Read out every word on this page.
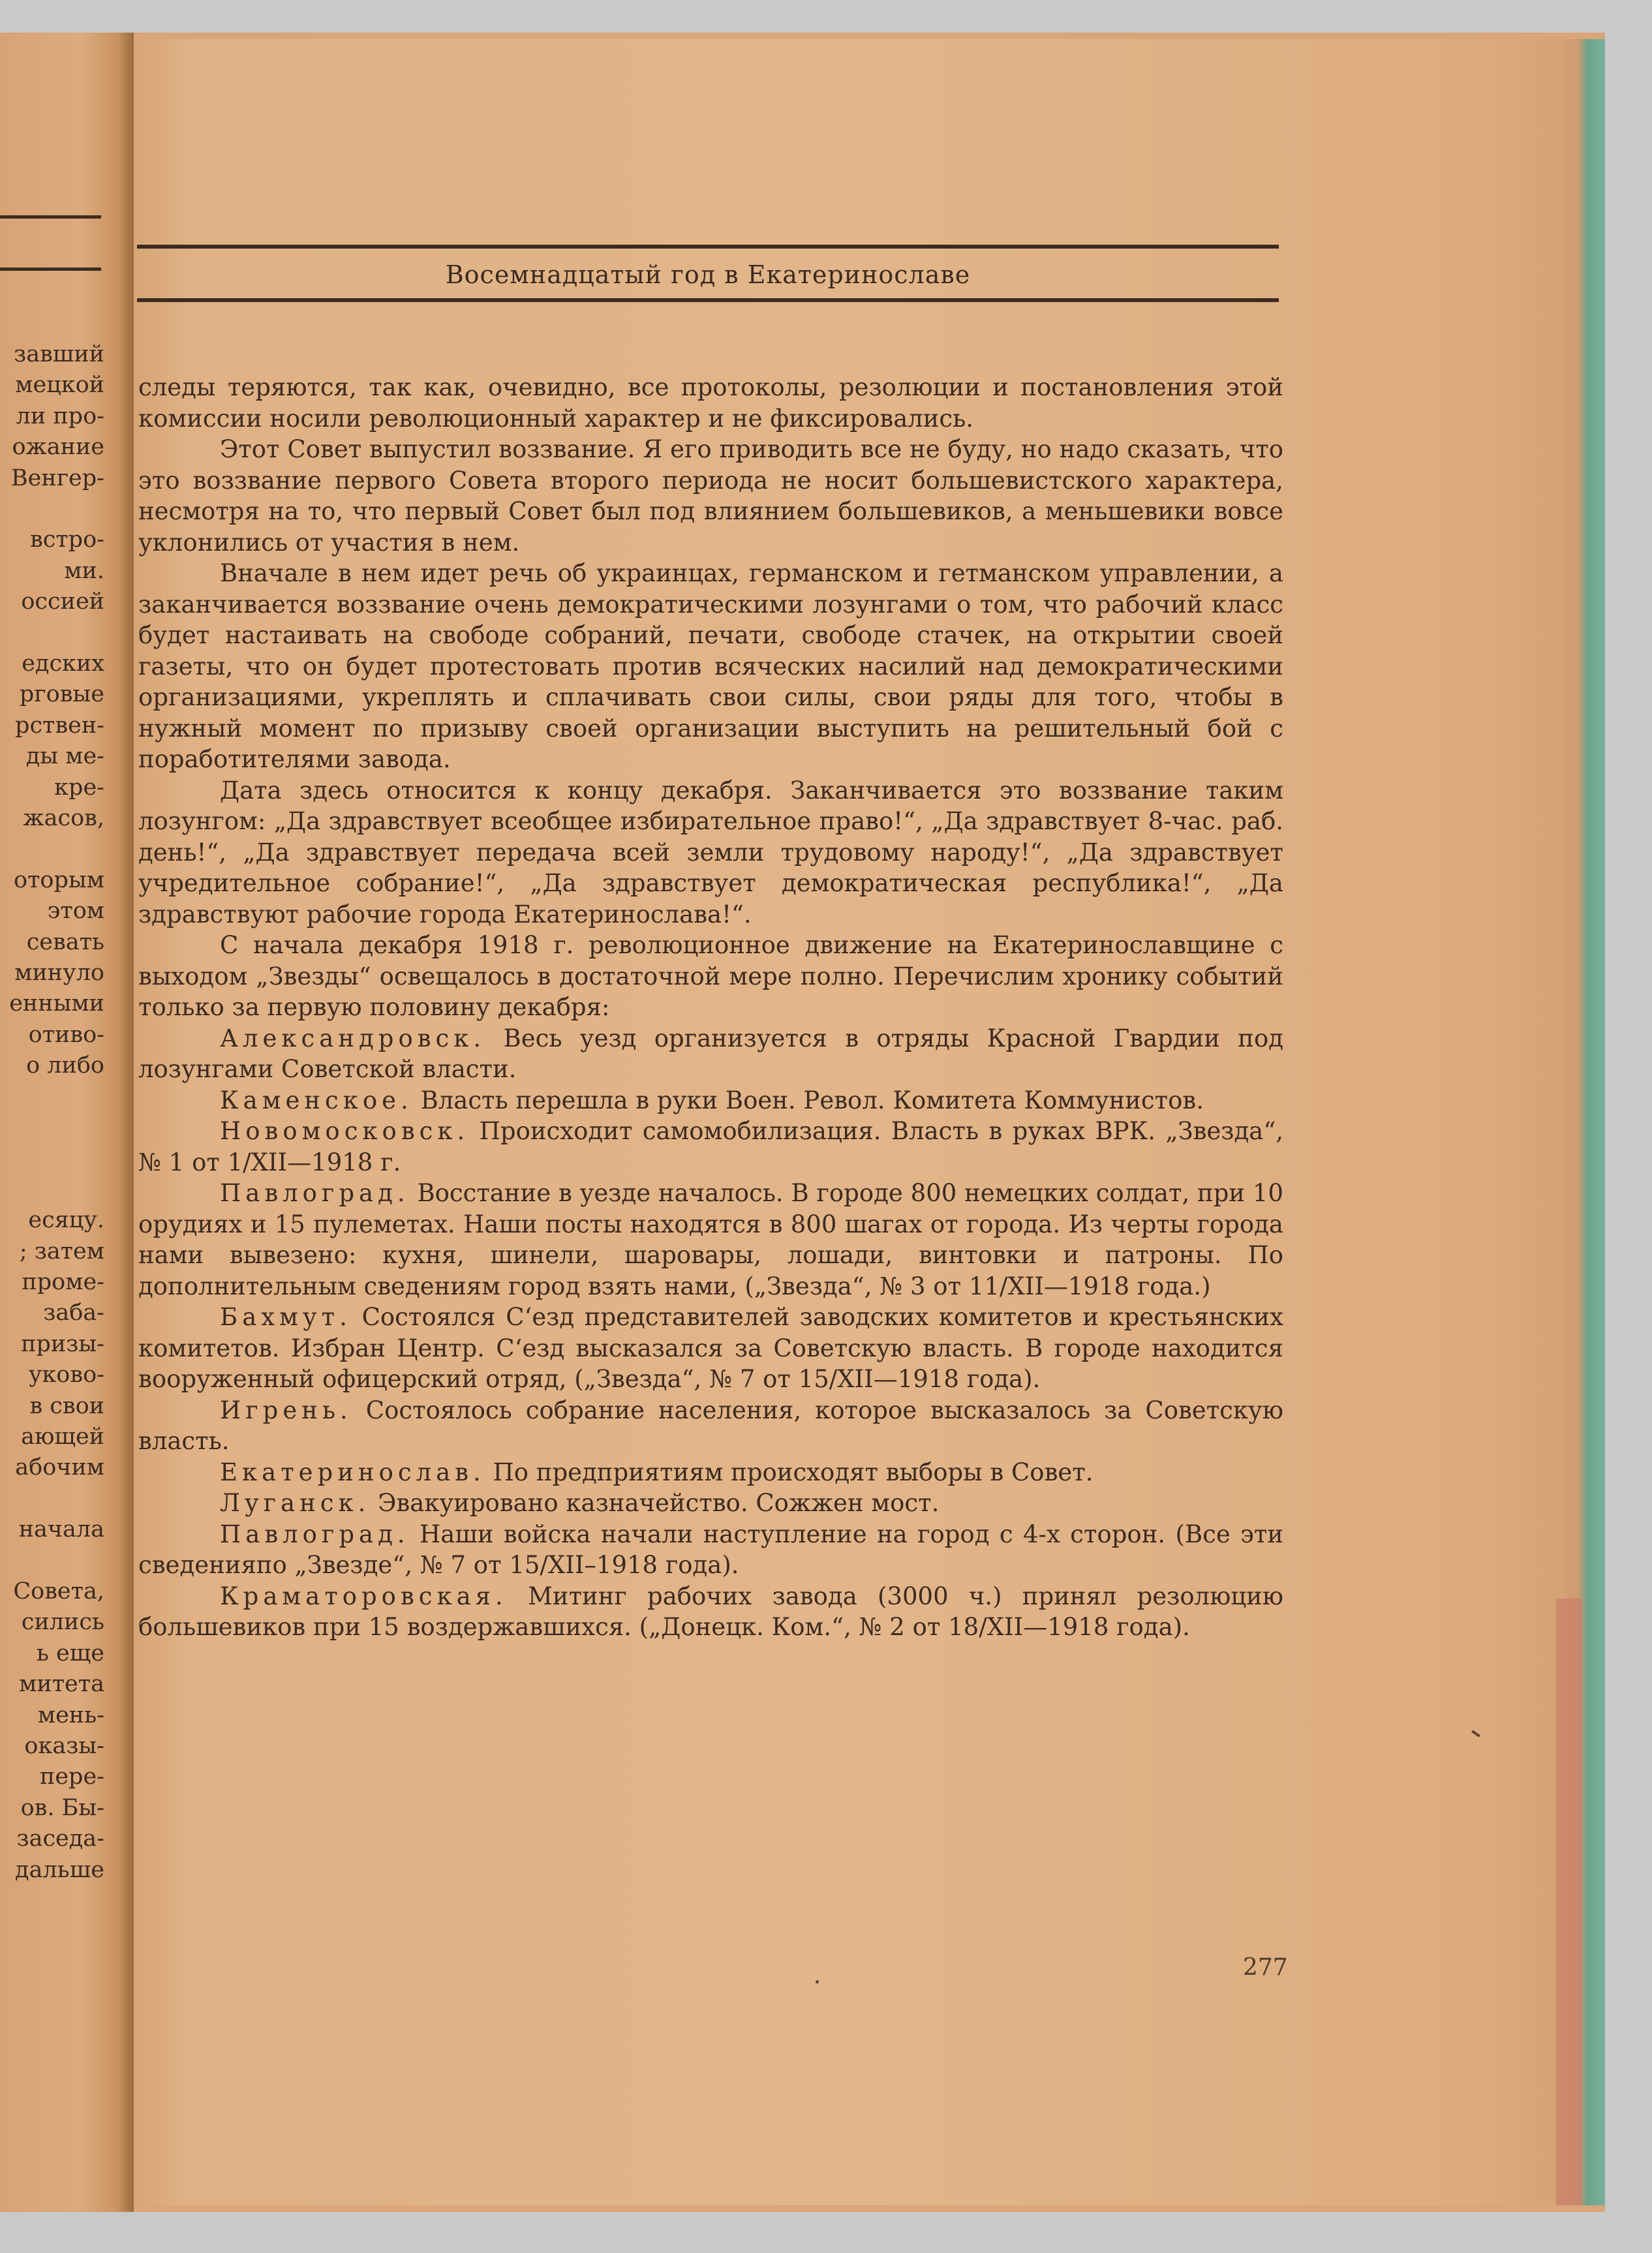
завший
мецкой
ли про-
ожание
Венгер-
встро-
ми.
оссией
едских
рговые
рствен-
ды ме-
кре-
жасов,
оторым
этом
севать
минуло
енными
отиво-
о либо
есяцу.
; затем
проме-
заба-
призы-
уково-
в свои
ающей
абочим
начала
Совета,
сились
ь еще
митета
мень-
оказы-
пере-
ов. Бы-
заседа-
дальше
Восемнадцатый год в Екатеринославе

следы теряются, так как, очевидно, все протоколы, резолюции и постановления этой комиссии носили революционный характер и не фиксировались.

Этот Совет выпустил воззвание. Я его приводить все не буду, но надо сказать, что это воззвание первого Совета второго периода не носит большевистского характера, несмотря на то, что первый Совет был под влиянием большевиков, а меньшевики вовсе уклонились от участия в нем.

Вначале в нем идет речь об украинцах, германском и гетманском управлении, а заканчивается воззвание очень демократическими лозунгами о том, что рабочий класс будет настаивать на свободе собраний, печати, свободе стачек, на открытии своей газеты, что он будет протестовать против всяческих насилий над демократическими организациями, укреплять и сплачивать свои силы, свои ряды для того, чтобы в нужный момент по призыву своей организации выступить на решительный бой с поработителями завода.

Дата здесь относится к концу декабря. Заканчивается это воззвание таким лозунгом: „Да здравствует всеобщее избирательное право!“, „Да здравствует 8-час. раб. день!“, „Да здравствует передача всей земли трудовому народу!“, „Да здравствует учредительное собрание!“, „Да здравствует демократическая республика!“, „Да здравствуют рабочие города Екатеринослава!“.

С начала декабря 1918 г. революционное движение на Екатеринославщине с выходом „Звезды“ освещалось в достаточной мере полно. Перечислим хронику событий только за первую половину декабря:

Александровск. Весь уезд организуется в отряды Красной Гвардии под лозунгами Советской власти.

Каменское. Власть перешла в руки Воен. Револ. Комитета Коммунистов.

Новомосковск. Происходит самомобилизация. Власть в руках ВРК. „Звезда“, № 1 от 1/XII—1918 г.

Павлоград. Восстание в уезде началось. В городе 800 немецких солдат, при 10 орудиях и 15 пулеметах. Наши посты находятся в 800 шагах от города. Из черты города нами вывезено: кухня, шинели, шаровары, лошади, винтовки и патроны. По дополнительным сведениям город взять нами, („Звезда“, № 3 от 11/XII—1918 года.)

Бахмут. Состоялся С‘езд представителей заводских комитетов и крестьянских комитетов. Избран Центр. С‘езд высказался за Советскую власть. В городе находится вооруженный офицерский отряд, („Звезда“, № 7 от 15/XII—1918 года).

Игрень. Состоялось собрание населения, которое высказалось за Советскую власть.

Екатеринослав. По предприятиям происходят выборы в Совет.

Луганск. Эвакуировано казначейство. Сожжен мост.

Павлоград. Наши войска начали наступление на город с 4-х сторон. (Все эти сведенияпо „Звезде“, № 7 от 15/XII–1918 года).

Краматоровская. Митинг рабочих завода (3000 ч.) принял резолюцию большевиков при 15 воздержавшихся. („Донецк. Ком.“, № 2 от 18/XII—1918 года).

277
